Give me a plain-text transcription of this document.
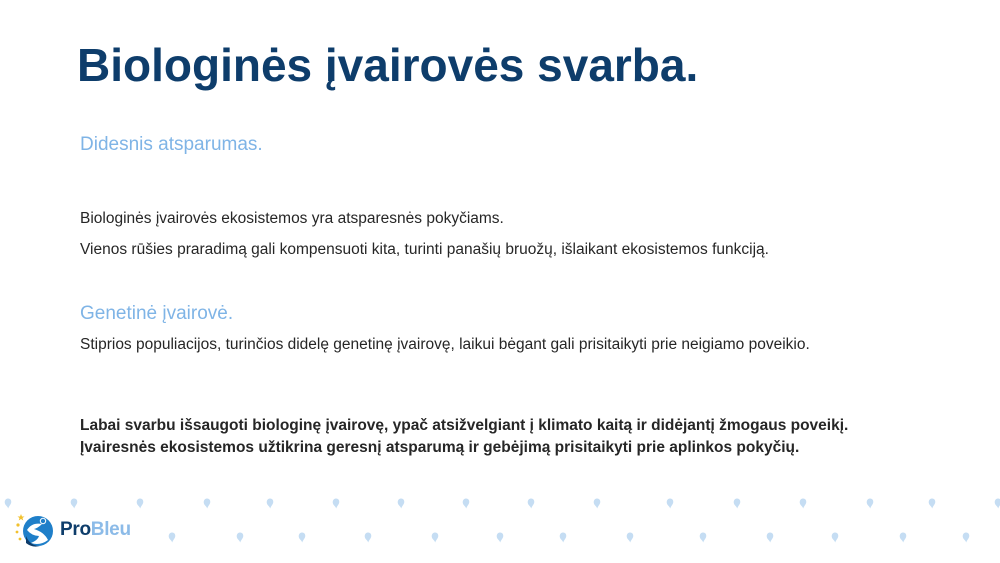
Biologinės įvairovės svarba.
Didesnis atsparumas.

Biologinės įvairovės ekosistemos yra atsparesnės pokyčiams.

Vienos rūšies praradimą gali kompensuoti kita, turinti panašių bruožų, išlaikant ekosistemos funkciją.

Genetinė įvairovė.

Stiprios populiacijos, turinčios didelę genetinę įvairovę, laikui bėgant gali prisitaikyti prie neigiamo poveikio.

Labai svarbu išsaugoti biologinę įvairovę, ypač atsižvelgiant į klimato kaitą ir didėjantį žmogaus poveikį. Įvairesnės ekosistemos užtikrina geresnį atsparumą ir gebėjimą prisitaikyti prie aplinkos pokyčių.

ProBleu
